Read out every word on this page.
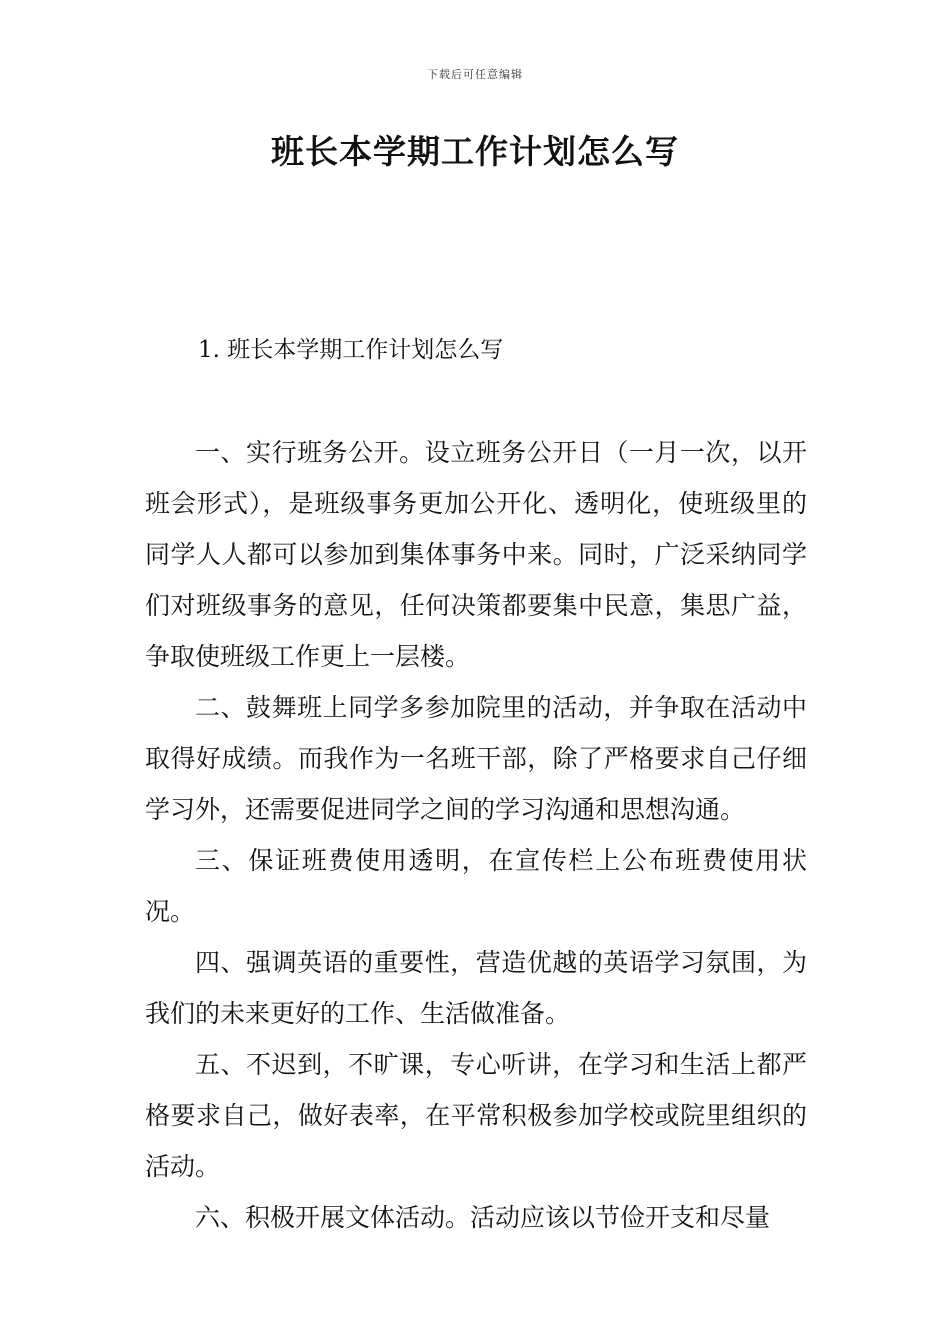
下载后可任意编辑
班长本学期工作计划怎么写
1. 班长本学期工作计划怎么写

一、实行班务公开。设立班务公开日（一月一次，以开班会形式），是班级事务更加公开化、透明化，使班级里的同学人人都可以参加到集体事务中来。同时，广泛采纳同学们对班级事务的意见，任何决策都要集中民意，集思广益，争取使班级工作更上一层楼。

二、鼓舞班上同学多参加院里的活动，并争取在活动中取得好成绩。而我作为一名班干部，除了严格要求自己仔细学习外，还需要促进同学之间的学习沟通和思想沟通。

三、保证班费使用透明，在宣传栏上公布班费使用状况。

四、强调英语的重要性，营造优越的英语学习氛围，为我们的未来更好的工作、生活做准备。

五、不迟到，不旷课，专心听讲，在学习和生活上都严格要求自己，做好表率，在平常积极参加学校或院里组织的活动。

六、积极开展文体活动。活动应该以节俭开支和尽量
